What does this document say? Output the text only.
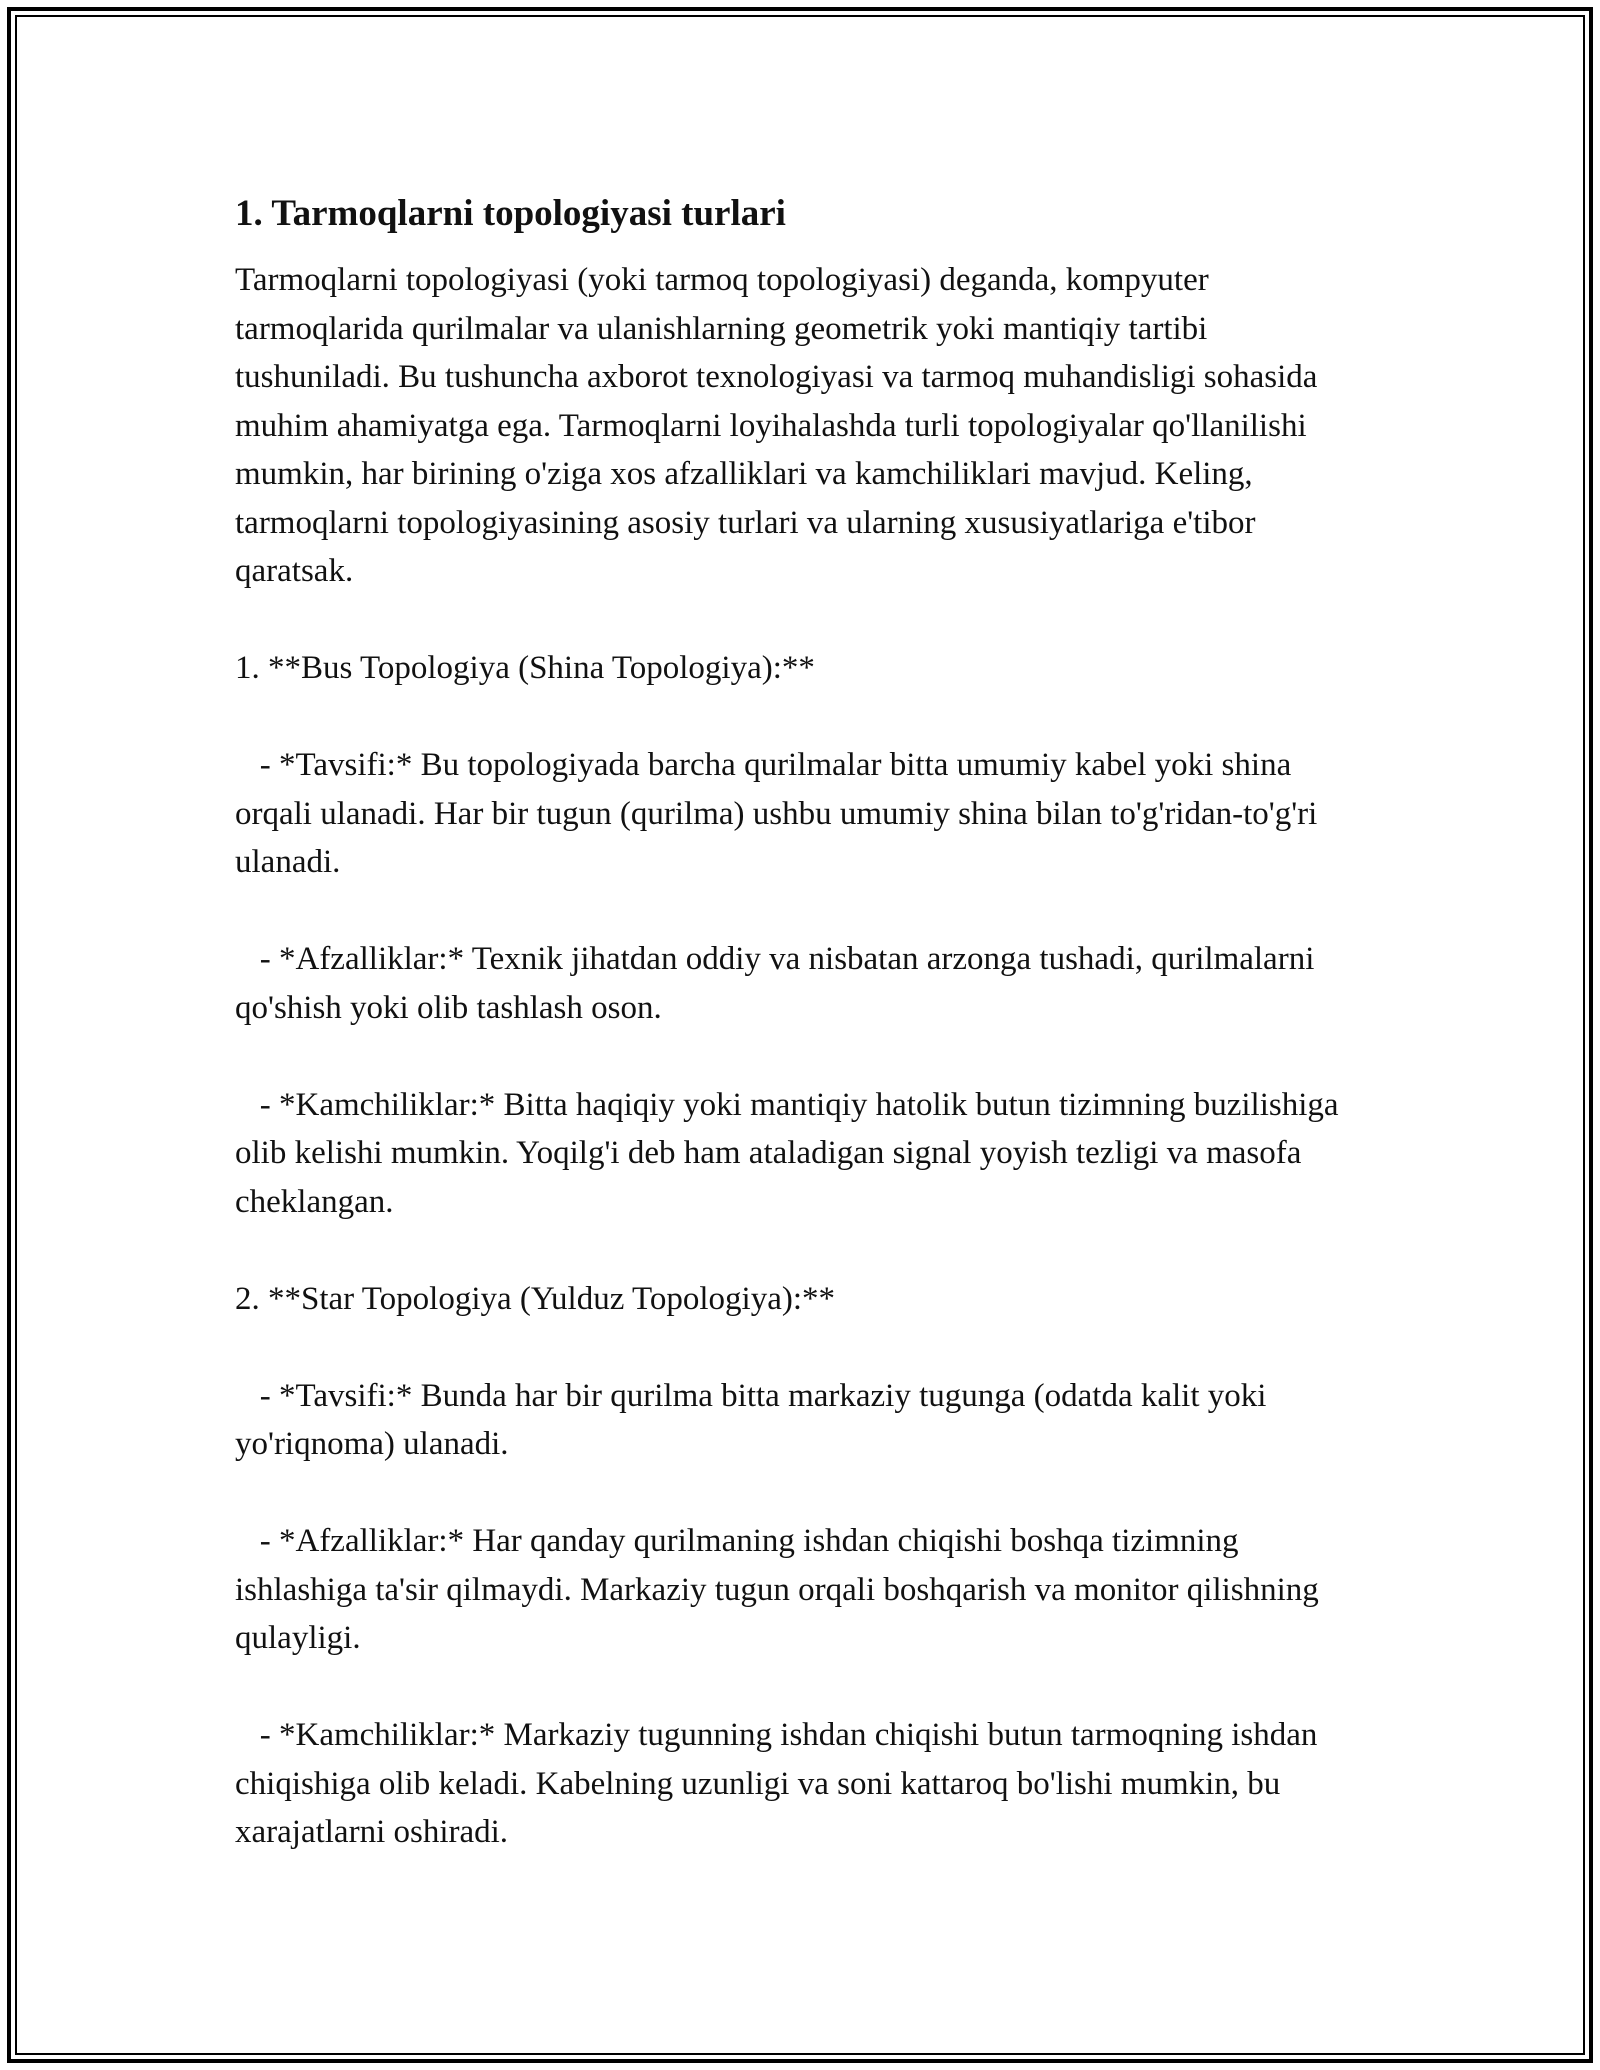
1. Tarmoqlarni topologiyasi turlari

Tarmoqlarni topologiyasi (yoki tarmoq topologiyasi) deganda, kompyuter tarmoqlarida qurilmalar va ulanishlarning geometrik yoki mantiqiy tartibi tushuniladi. Bu tushuncha axborot texnologiyasi va tarmoq muhandisligi sohasida muhim ahamiyatga ega. Tarmoqlarni loyihalashda turli topologiyalar qo'llanilishi mumkin, har birining o'ziga xos afzalliklari va kamchiliklari mavjud. Keling, tarmoqlarni topologiyasining asosiy turlari va ularning xususiyatlariga e'tibor qaratsak.

1. **Bus Topologiya (Shina Topologiya):**

- *Tavsifi:* Bu topologiyada barcha qurilmalar bitta umumiy kabel yoki shina orqali ulanadi. Har bir tugun (qurilma) ushbu umumiy shina bilan to'g'ridan-to'g'ri ulanadi.

- *Afzalliklar:* Texnik jihatdan oddiy va nisbatan arzonga tushadi, qurilmalarni qo'shish yoki olib tashlash oson.

- *Kamchiliklar:* Bitta haqiqiy yoki mantiqiy hatolik butun tizimning buzilishiga olib kelishi mumkin. Yoqilg'i deb ham ataladigan signal yoyish tezligi va masofa cheklangan.

2. **Star Topologiya (Yulduz Topologiya):**

- *Tavsifi:* Bunda har bir qurilma bitta markaziy tugunga (odatda kalit yoki yo'riqnoma) ulanadi.

- *Afzalliklar:* Har qanday qurilmaning ishdan chiqishi boshqa tizimning ishlashiga ta'sir qilmaydi. Markaziy tugun orqali boshqarish va monitor qilishning qulayligi.

- *Kamchiliklar:* Markaziy tugunning ishdan chiqishi butun tarmoqning ishdan chiqishiga olib keladi. Kabelning uzunligi va soni kattaroq bo'lishi mumkin, bu xarajatlarni oshiradi.
